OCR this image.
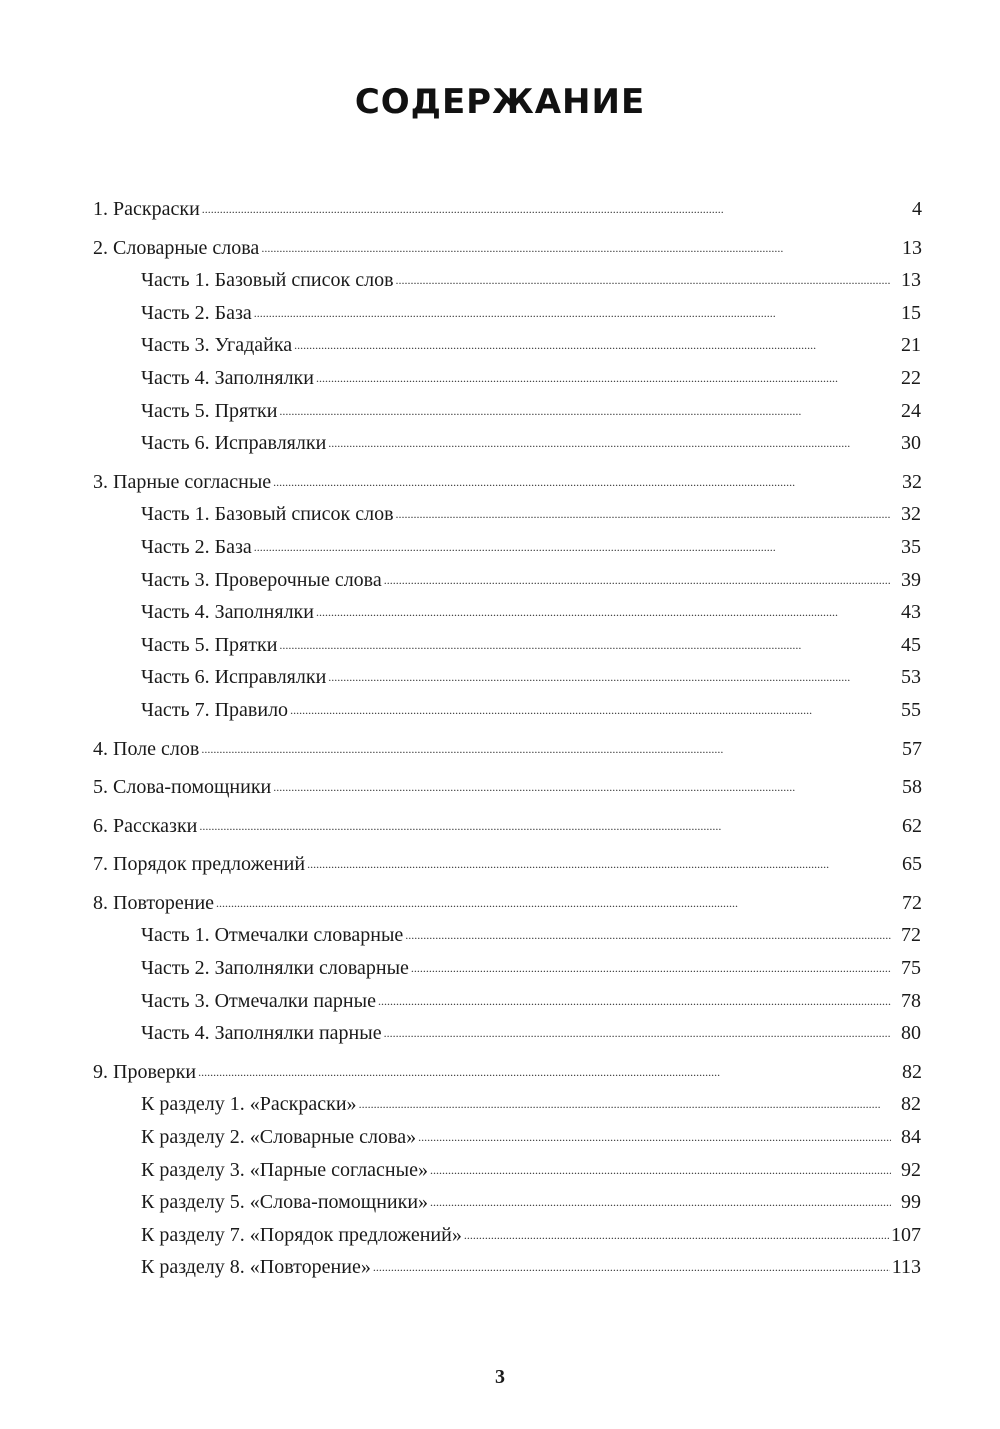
СОДЕРЖАНИЕ
1. Раскраски . . .	4
2. Словарные слова . . .	13
Часть 1. Базовый список слов . . .	13
Часть 2. База . . .	15
Часть 3. Угадайка . . .	21
Часть 4. Заполнялки . . .	22
Часть 5. Прятки . . .	24
Часть 6. Исправлялки . . .	30
3. Парные согласные . . .	32
Часть 1. Базовый список слов . . .	32
Часть 2. База . . .	35
Часть 3. Проверочные слова . . .	39
Часть 4. Заполнялки . . .	43
Часть 5. Прятки . . .	45
Часть 6. Исправлялки . . .	53
Часть 7. Правило . . .	55
4. Поле слов . . .	57
5. Слова-помощники . . .	58
6. Рассказки . . .	62
7. Порядок предложений . . .	65
8. Повторение . . .	72
Часть 1. Отмечалки словарные . . .	72
Часть 2. Заполнялки словарные . . .	75
Часть 3. Отмечалки парные . . .	78
Часть 4. Заполнялки парные . . .	80
9. Проверки . . .	82
К разделу 1. «Раскраски» . . .	82
К разделу 2. «Словарные слова» . . .	84
К разделу 3. «Парные согласные» . . .	92
К разделу 5. «Слова-помощники» . . .	99
К разделу 7. «Порядок предложений» . . .	107
К разделу 8. «Повторение» . . .	113
3
